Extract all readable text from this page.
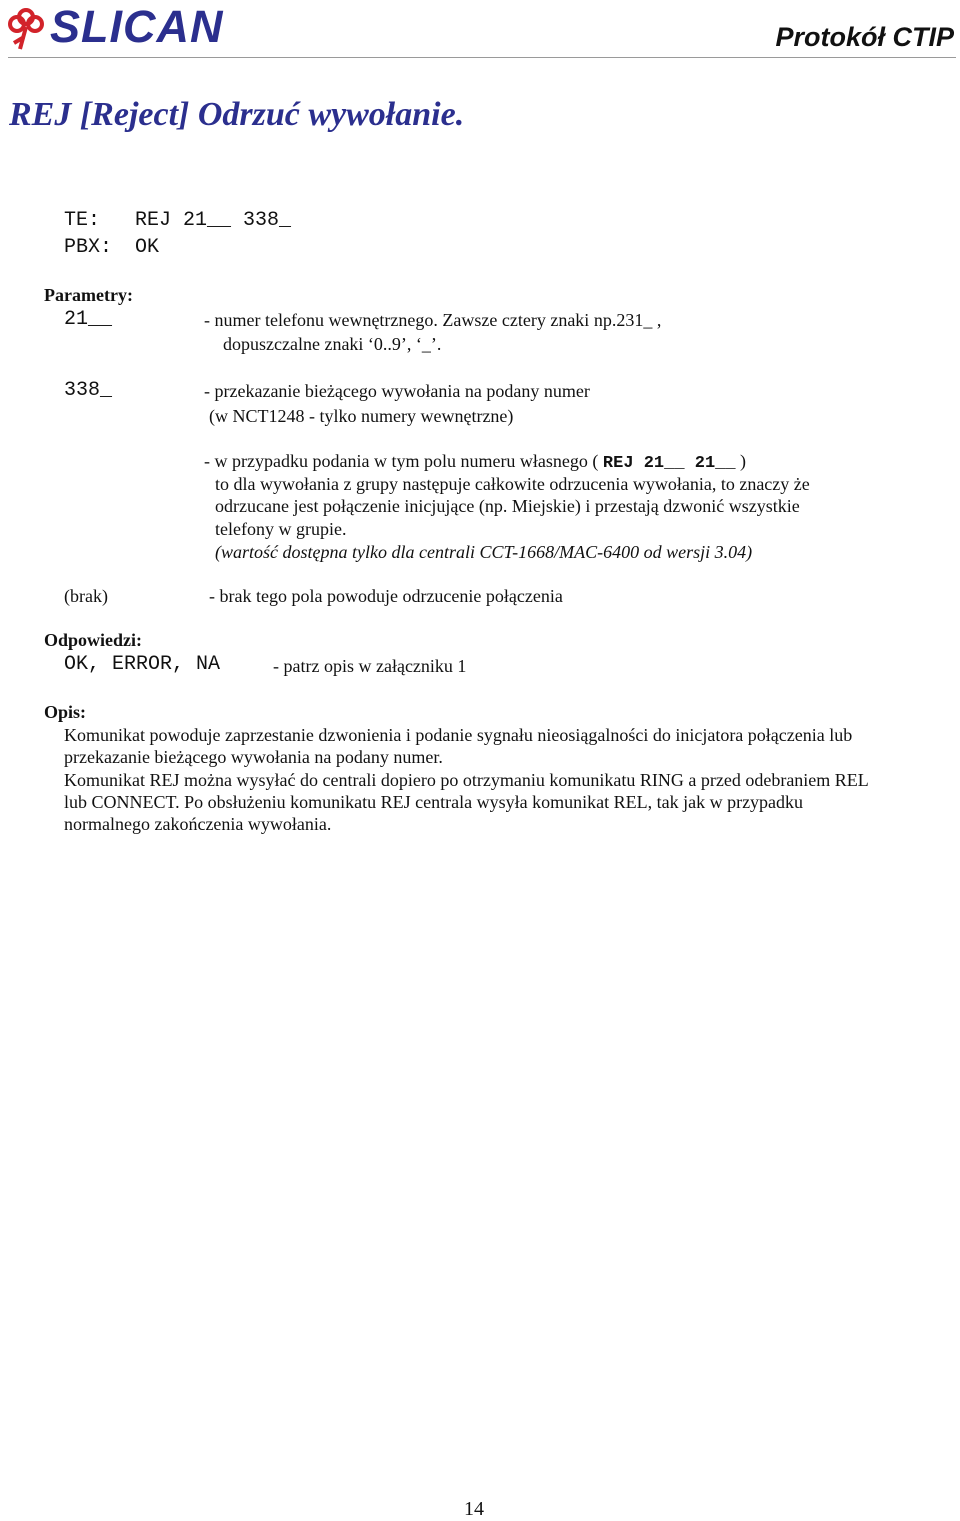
SLICAN	Protokół CTIP
REJ [Reject] Odrzuć wywołanie.
TE: REJ 21__ 338_
PBX: OK
Parametry:
21__	- numer telefonu wewnętrznego. Zawsze cztery znaki np.231_ ,
dopuszczalne znaki ‘0..9’, ‘_’.
338_	- przekazanie bieżącego wywołania na podany numer
(w NCT1248 - tylko numery wewnętrzne)
- w przypadku podania w tym polu numeru własnego ( REJ 21__ 21__ )
to dla wywołania z grupy następuje całkowite odrzucenia wywołania, to znaczy że
odrzucane jest połączenie inicjujące (np. Miejskie) i przestają dzwonić wszystkie
telefony w grupie.
(wartość dostępna tylko dla centrali CCT-1668/MAC-6400 od wersji 3.04)
(brak)	- brak tego pola powoduje odrzucenie połączenia
Odpowiedzi:
OK, ERROR, NA	- patrz opis w załączniku 1
Opis:
Komunikat powoduje zaprzestanie dzwonienia i podanie sygnału nieosiągalności do inicjatora połączenia lub
przekazanie bieżącego wywołania na podany numer.
Komunikat REJ można wysyłać do centrali dopiero po otrzymaniu komunikatu RING a przed odebraniem REL
lub CONNECT. Po obsłużeniu komunikatu REJ centrala wysyła komunikat REL, tak jak w przypadku
normalnego zakończenia wywołania.
14
